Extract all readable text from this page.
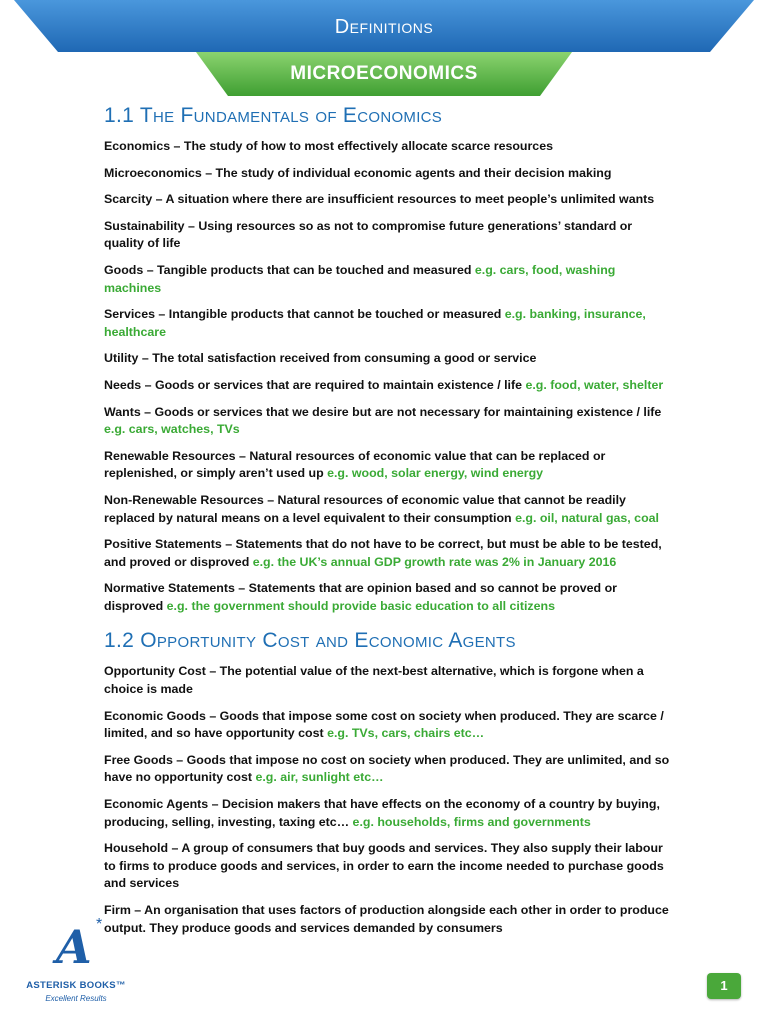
Definitions
MICROECONOMICS
1.1 The Fundamentals of Economics

Economics – The study of how to most effectively allocate scarce resources

Microeconomics – The study of individual economic agents and their decision making

Scarcity – A situation where there are insufficient resources to meet people’s unlimited wants

Sustainability – Using resources so as not to compromise future generations’ standard or quality of life

Goods – Tangible products that can be touched and measured e.g. cars, food, washing machines

Services – Intangible products that cannot be touched or measured e.g. banking, insurance, healthcare

Utility – The total satisfaction received from consuming a good or service

Needs – Goods or services that are required to maintain existence / life e.g. food, water, shelter

Wants – Goods or services that we desire but are not necessary for maintaining existence / life e.g. cars, watches, TVs

Renewable Resources – Natural resources of economic value that can be replaced or replenished, or simply aren’t used up e.g. wood, solar energy, wind energy

Non-Renewable Resources – Natural resources of economic value that cannot be readily replaced by natural means on a level equivalent to their consumption e.g. oil, natural gas, coal

Positive Statements – Statements that do not have to be correct, but must be able to be tested, and proved or disproved e.g. the UK’s annual GDP growth rate was 2% in January 2016

Normative Statements – Statements that are opinion based and so cannot be proved or disproved e.g. the government should provide basic education to all citizens

1.2 Opportunity Cost and Economic Agents

Opportunity Cost – The potential value of the next-best alternative, which is forgone when a choice is made

Economic Goods – Goods that impose some cost on society when produced. They are scarce / limited, and so have opportunity cost e.g. TVs, cars, chairs etc…

Free Goods – Goods that impose no cost on society when produced. They are unlimited, and so have no opportunity cost e.g. air, sunlight etc…

Economic Agents – Decision makers that have effects on the economy of a country by buying, producing, selling, investing, taxing etc… e.g. households, firms and governments

Household – A group of consumers that buy goods and services. They also supply their labour to firms to produce goods and services, in order to earn the income needed to purchase goods and services

Firm – An organisation that uses factors of production alongside each other in order to produce output. They produce goods and services demanded by consumers

A *
ASTERISK BOOKS™
Excellent Results
1
